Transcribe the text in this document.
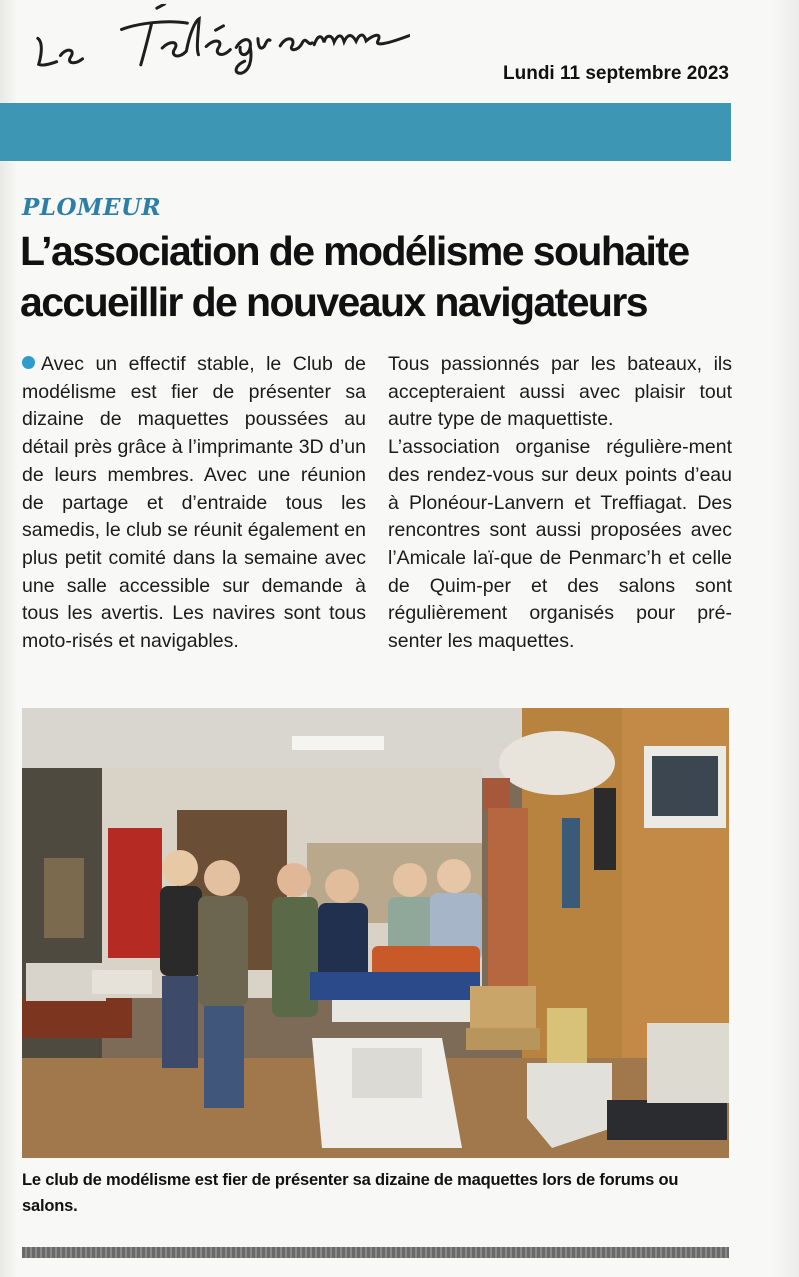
Lundi 11 septembre 2023
PLOMEUR
L’association de modélisme souhaite
accueillir de nouveaux navigateurs

Avec un effectif stable, le Club de modélisme est fier de présenter sa dizaine de maquettes poussées au détail près grâce à l’imprimante 3D d’un de leurs membres. Avec une réunion de partage et d’entraide tous les samedis, le club se réunit également en plus petit comité dans la semaine avec une salle accessible sur demande à tous les avertis. Les navires sont tous moto-risés et navigables.

Tous passionnés par les bateaux, ils accepteraient aussi avec plaisir tout autre type de maquettiste.

L’association organise régulière-ment des rendez-vous sur deux points d’eau à Plonéour-Lanvern et Treffiagat. Des rencontres sont aussi proposées avec l’Amicale laï-que de Penmarc’h et celle de Quim-per et des salons sont régulièrement organisés pour pré-senter les maquettes.

Le club de modélisme est fier de présenter sa dizaine de maquettes lors de forums ou salons.
